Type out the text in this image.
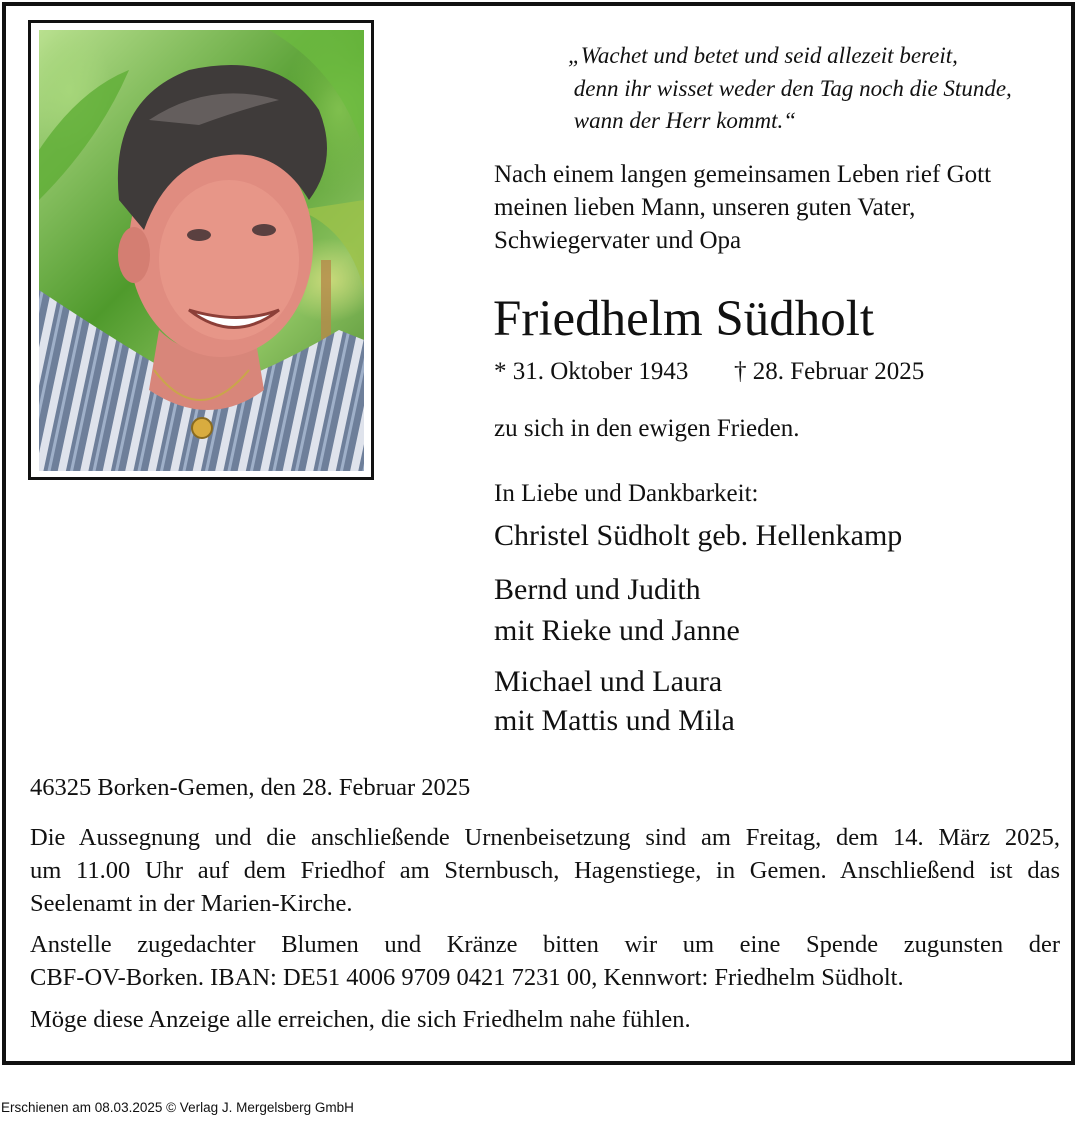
„Wachet und betet und seid allezeit bereit,
denn ihr wisset weder den Tag noch die Stunde,
wann der Herr kommt.“
Nach einem langen gemeinsamen Leben rief Gott
meinen lieben Mann, unseren guten Vater,
Schwiegervater und Opa
Friedhelm Südholt
* 31. Oktober 1943 † 28. Februar 2025
zu sich in den ewigen Frieden.
In Liebe und Dankbarkeit:
Christel Südholt geb. Hellenkamp
Bernd und Judith
mit Rieke und Janne
Michael und Laura
mit Mattis und Mila
46325 Borken-Gemen, den 28. Februar 2025
Die Aussegnung und die anschließende Urnenbeisetzung sind am Freitag, dem 14. März 2025,
um 11.00 Uhr auf dem Friedhof am Sternbusch, Hagenstiege, in Gemen. Anschließend ist das
Seelenamt in der Marien-Kirche.
Anstelle zugedachter Blumen und Kränze bitten wir um eine Spende zugunsten der
CBF-OV-Borken. IBAN: DE51 4006 9709 0421 7231 00, Kennwort: Friedhelm Südholt.
Möge diese Anzeige alle erreichen, die sich Friedhelm nahe fühlen.
Erschienen am 08.03.2025 © Verlag J. Mergelsberg GmbH
